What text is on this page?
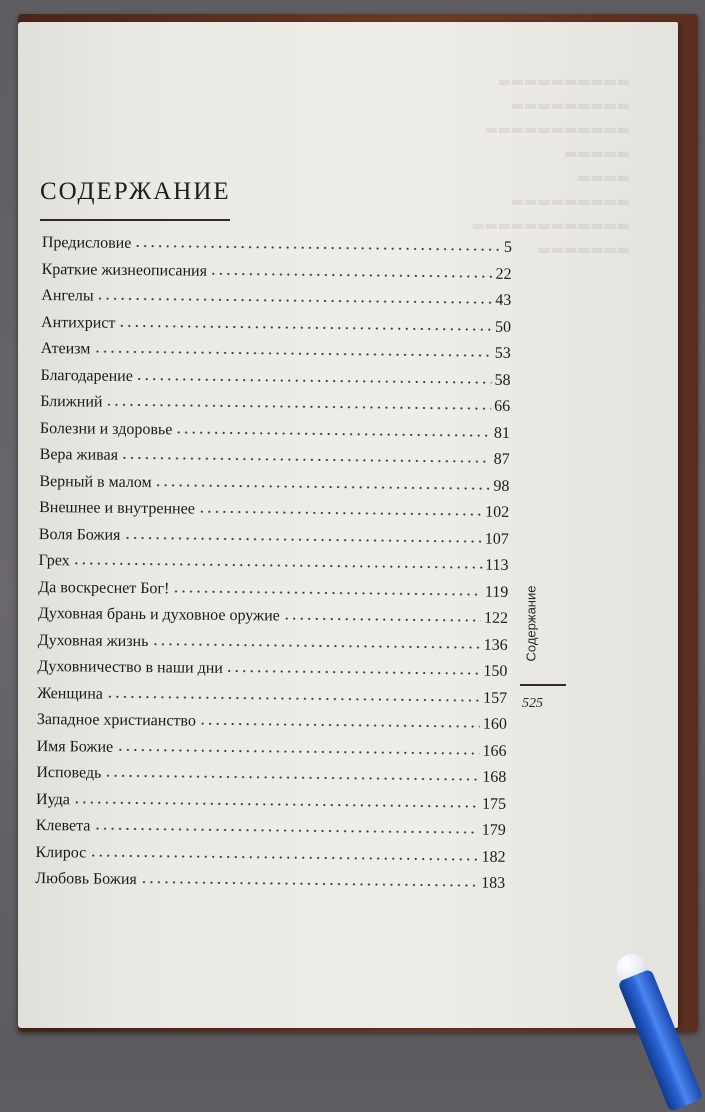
▬▬▬▬▬▬▬▬▬▬
▬▬▬▬▬▬▬▬▬
▬▬▬▬▬▬▬▬▬▬▬
▬▬▬▬▬
▬▬▬▬
▬▬▬▬▬▬▬▬▬
▬▬▬▬▬▬▬▬▬▬▬▬
▬▬▬▬▬▬▬
СОДЕРЖАНИЕ
Предисловие	5
Краткие жизнеописания	22
Ангелы	43
Антихрист	50
Атеизм	53
Благодарение	58
Ближний	66
Болезни и здоровье	81
Вера живая	87
Верный в малом	98
Внешнее и внутреннее	102
Воля Божия	107
Грех	113
Да воскреснет Бог!	119
Духовная брань и духовное оружие	122
Духовная жизнь	136
Духовничество в наши дни	150
Женщина	157
Западное христианство	160
Имя Божие	166
Исповедь	168
Иуда	175
Клевета	179
Клирос	182
Любовь Божия	183
Содержание
525
